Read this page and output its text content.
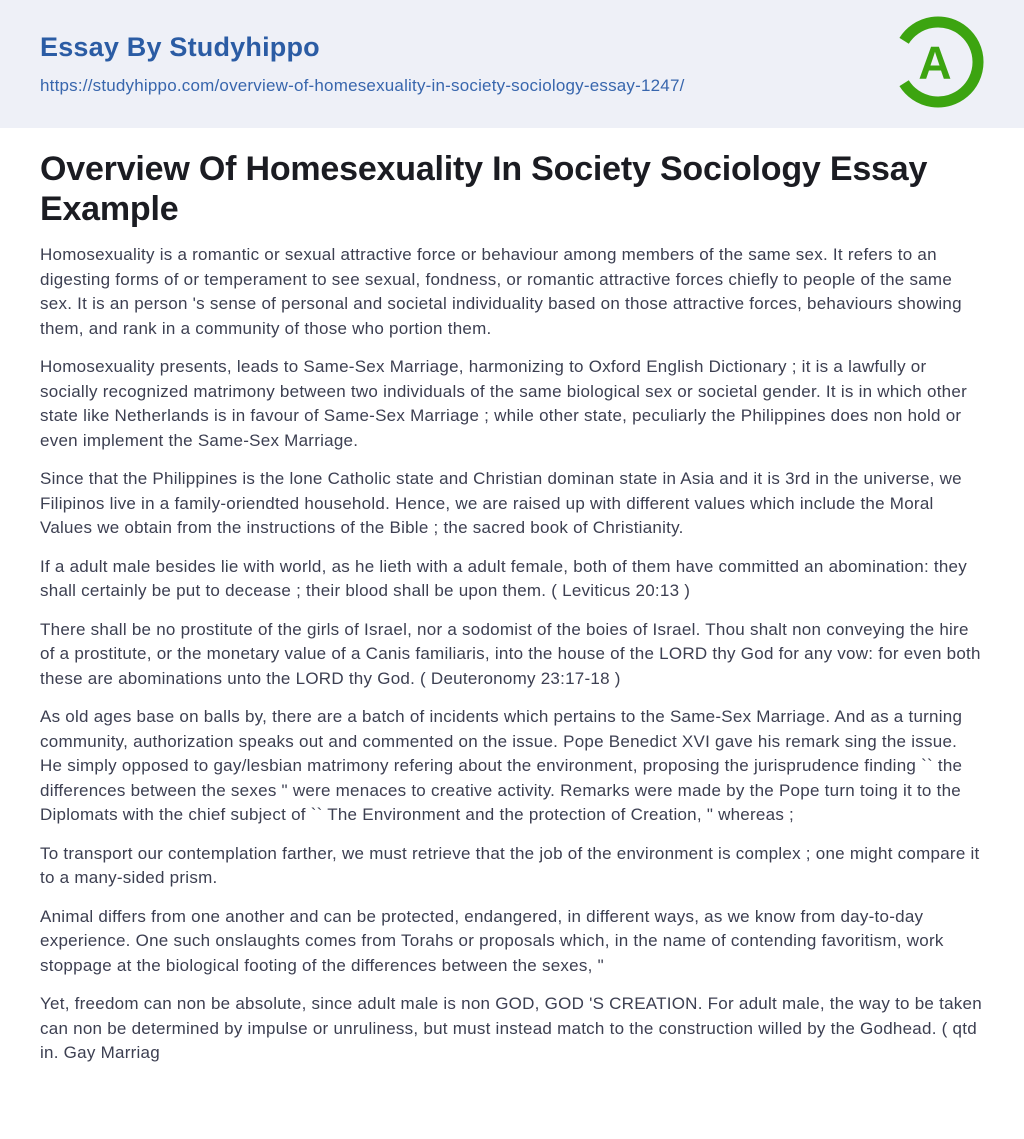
Essay By Studyhippo
https://studyhippo.com/overview-of-homesexuality-in-society-sociology-essay-1247/	A
Overview Of Homesexuality In Society Sociology Essay Example

Homosexuality is a romantic or sexual attractive force or behaviour among members of the same sex. It refers to an digesting forms of or temperament to see sexual, fondness, or romantic attractive forces chiefly to people of the same sex. It is an person 's sense of personal and societal individuality based on those attractive forces, behaviours showing them, and rank in a community of those who portion them.

Homosexuality presents, leads to Same-Sex Marriage, harmonizing to Oxford English Dictionary ; it is a lawfully or socially recognized matrimony between two individuals of the same biological sex or societal gender. It is in which other state like Netherlands is in favour of Same-Sex Marriage ; while other state, peculiarly the Philippines does non hold or even implement the Same-Sex Marriage.

Since that the Philippines is the lone Catholic state and Christian dominan state in Asia and it is 3rd in the universe, we Filipinos live in a family-oriendted household. Hence, we are raised up with different values which include the Moral Values we obtain from the instructions of the Bible ; the sacred book of Christianity.

If a adult male besides lie with world, as he lieth with a adult female, both of them have committed an abomination: they shall certainly be put to decease ; their blood shall be upon them. ( Leviticus 20:13 )

There shall be no prostitute of the girls of Israel, nor a sodomist of the boies of Israel. Thou shalt non conveying the hire of a prostitute, or the monetary value of a Canis familiaris, into the house of the LORD thy God for any vow: for even both these are abominations unto the LORD thy God. ( Deuteronomy 23:17-18 )

As old ages base on balls by, there are a batch of incidents which pertains to the Same-Sex Marriage. And as a turning community, authorization speaks out and commented on the issue. Pope Benedict XVI gave his remark sing the issue. He simply opposed to gay/lesbian matrimony refering about the environment, proposing the jurisprudence finding `` the differences between the sexes " were menaces to creative activity. Remarks were made by the Pope turn toing it to the Diplomats with the chief subject of `` The Environment and the protection of Creation, " whereas ;

To transport our contemplation farther, we must retrieve that the job of the environment is complex ; one might compare it to a many-sided prism.

Animal differs from one another and can be protected, endangered, in different ways, as we know from day-to-day experience. One such onslaughts comes from Torahs or proposals which, in the name of contending favoritism, work stoppage at the biological footing of the differences between the sexes, "

Yet, freedom can non be absolute, since adult male is non GOD, GOD 'S CREATION. For adult male, the way to be taken can non be determined by impulse or unruliness, but must instead match to the construction willed by the Godhead. ( qtd in. Gay Marriag
